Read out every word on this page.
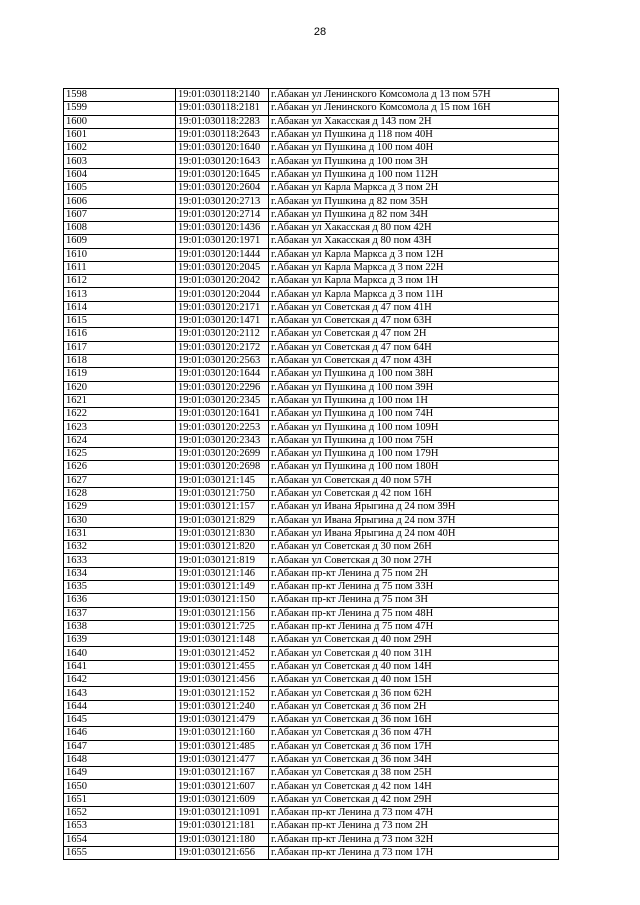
28
1598	19:01:030118:2140	г.Абакан ул Ленинского Комсомола д 13 пом 57Н
1599	19:01:030118:2181	г.Абакан ул Ленинского Комсомола д 15 пом 16Н
1600	19:01:030118:2283	г.Абакан ул Хакасская д 143 пом 2Н
1601	19:01:030118:2643	г.Абакан ул Пушкина д 118 пом 40Н
1602	19:01:030120:1640	г.Абакан ул Пушкина д 100 пом 40Н
1603	19:01:030120:1643	г.Абакан ул Пушкина д 100 пом 3Н
1604	19:01:030120:1645	г.Абакан ул Пушкина д 100 пом 112Н
1605	19:01:030120:2604	г.Абакан ул Карла Маркса д 3 пом 2Н
1606	19:01:030120:2713	г.Абакан ул Пушкина д 82 пом 35Н
1607	19:01:030120:2714	г.Абакан ул Пушкина д 82 пом 34Н
1608	19:01:030120:1436	г.Абакан ул Хакасская д 80 пом 42Н
1609	19:01:030120:1971	г.Абакан ул Хакасская д 80 пом 43Н
1610	19:01:030120:1444	г.Абакан ул Карла Маркса д 3 пом 12Н
1611	19:01:030120:2045	г.Абакан ул Карла Маркса д 3 пом 22Н
1612	19:01:030120:2042	г.Абакан ул Карла Маркса д 3 пом 1Н
1613	19:01:030120:2044	г.Абакан ул Карла Маркса д 3 пом 11Н
1614	19:01:030120:2171	г.Абакан ул Советская д 47 пом 41Н
1615	19:01:030120:1471	г.Абакан ул Советская д 47 пом 63Н
1616	19:01:030120:2112	г.Абакан ул Советская д 47 пом 2Н
1617	19:01:030120:2172	г.Абакан ул Советская д 47 пом 64Н
1618	19:01:030120:2563	г.Абакан ул Советская д 47 пом 43Н
1619	19:01:030120:1644	г.Абакан ул Пушкина д 100 пом 38Н
1620	19:01:030120:2296	г.Абакан ул Пушкина д 100 пом 39Н
1621	19:01:030120:2345	г.Абакан ул Пушкина д 100 пом 1Н
1622	19:01:030120:1641	г.Абакан ул Пушкина д 100 пом 74Н
1623	19:01:030120:2253	г.Абакан ул Пушкина д 100 пом 109Н
1624	19:01:030120:2343	г.Абакан ул Пушкина д 100 пом 75Н
1625	19:01:030120:2699	г.Абакан ул Пушкина д 100 пом 179Н
1626	19:01:030120:2698	г.Абакан ул Пушкина д 100 пом 180Н
1627	19:01:030121:145	г.Абакан ул Советская д 40 пом 57Н
1628	19:01:030121:750	г.Абакан ул Советская д 42 пом 16Н
1629	19:01:030121:157	г.Абакан ул Ивана Ярыгина д 24 пом 39Н
1630	19:01:030121:829	г.Абакан ул Ивана Ярыгина д 24 пом 37Н
1631	19:01:030121:830	г.Абакан ул Ивана Ярыгина д 24 пом 40Н
1632	19:01:030121:820	г.Абакан ул Советская д 30 пом 26Н
1633	19:01:030121:819	г.Абакан ул Советская д 30 пом 27Н
1634	19:01:030121:146	г.Абакан пр-кт Ленина д 75 пом 2Н
1635	19:01:030121:149	г.Абакан пр-кт Ленина д 75 пом 33Н
1636	19:01:030121:150	г.Абакан пр-кт Ленина д 75 пом 3Н
1637	19:01:030121:156	г.Абакан пр-кт Ленина д 75 пом 48Н
1638	19:01:030121:725	г.Абакан пр-кт Ленина д 75 пом 47Н
1639	19:01:030121:148	г.Абакан ул Советская д 40 пом 29Н
1640	19:01:030121:452	г.Абакан ул Советская д 40 пом 31Н
1641	19:01:030121:455	г.Абакан ул Советская д 40 пом 14Н
1642	19:01:030121:456	г.Абакан ул Советская д 40 пом 15Н
1643	19:01:030121:152	г.Абакан ул Советская д 36 пом 62Н
1644	19:01:030121:240	г.Абакан ул Советская д 36 пом 2Н
1645	19:01:030121:479	г.Абакан ул Советская д 36 пом 16Н
1646	19:01:030121:160	г.Абакан ул Советская д 36 пом 47Н
1647	19:01:030121:485	г.Абакан ул Советская д 36 пом 17Н
1648	19:01:030121:477	г.Абакан ул Советская д 36 пом 34Н
1649	19:01:030121:167	г.Абакан ул Советская д 38 пом 25Н
1650	19:01:030121:607	г.Абакан ул Советская д 42 пом 14Н
1651	19:01:030121:609	г.Абакан ул Советская д 42 пом 29Н
1652	19:01:030121:1091	г.Абакан пр-кт Ленина д 73 пом 47Н
1653	19:01:030121:181	г.Абакан пр-кт Ленина д 73 пом 2Н
1654	19:01:030121:180	г.Абакан пр-кт Ленина д 73 пом 32Н
1655	19:01:030121:656	г.Абакан пр-кт Ленина д 73 пом 17Н
